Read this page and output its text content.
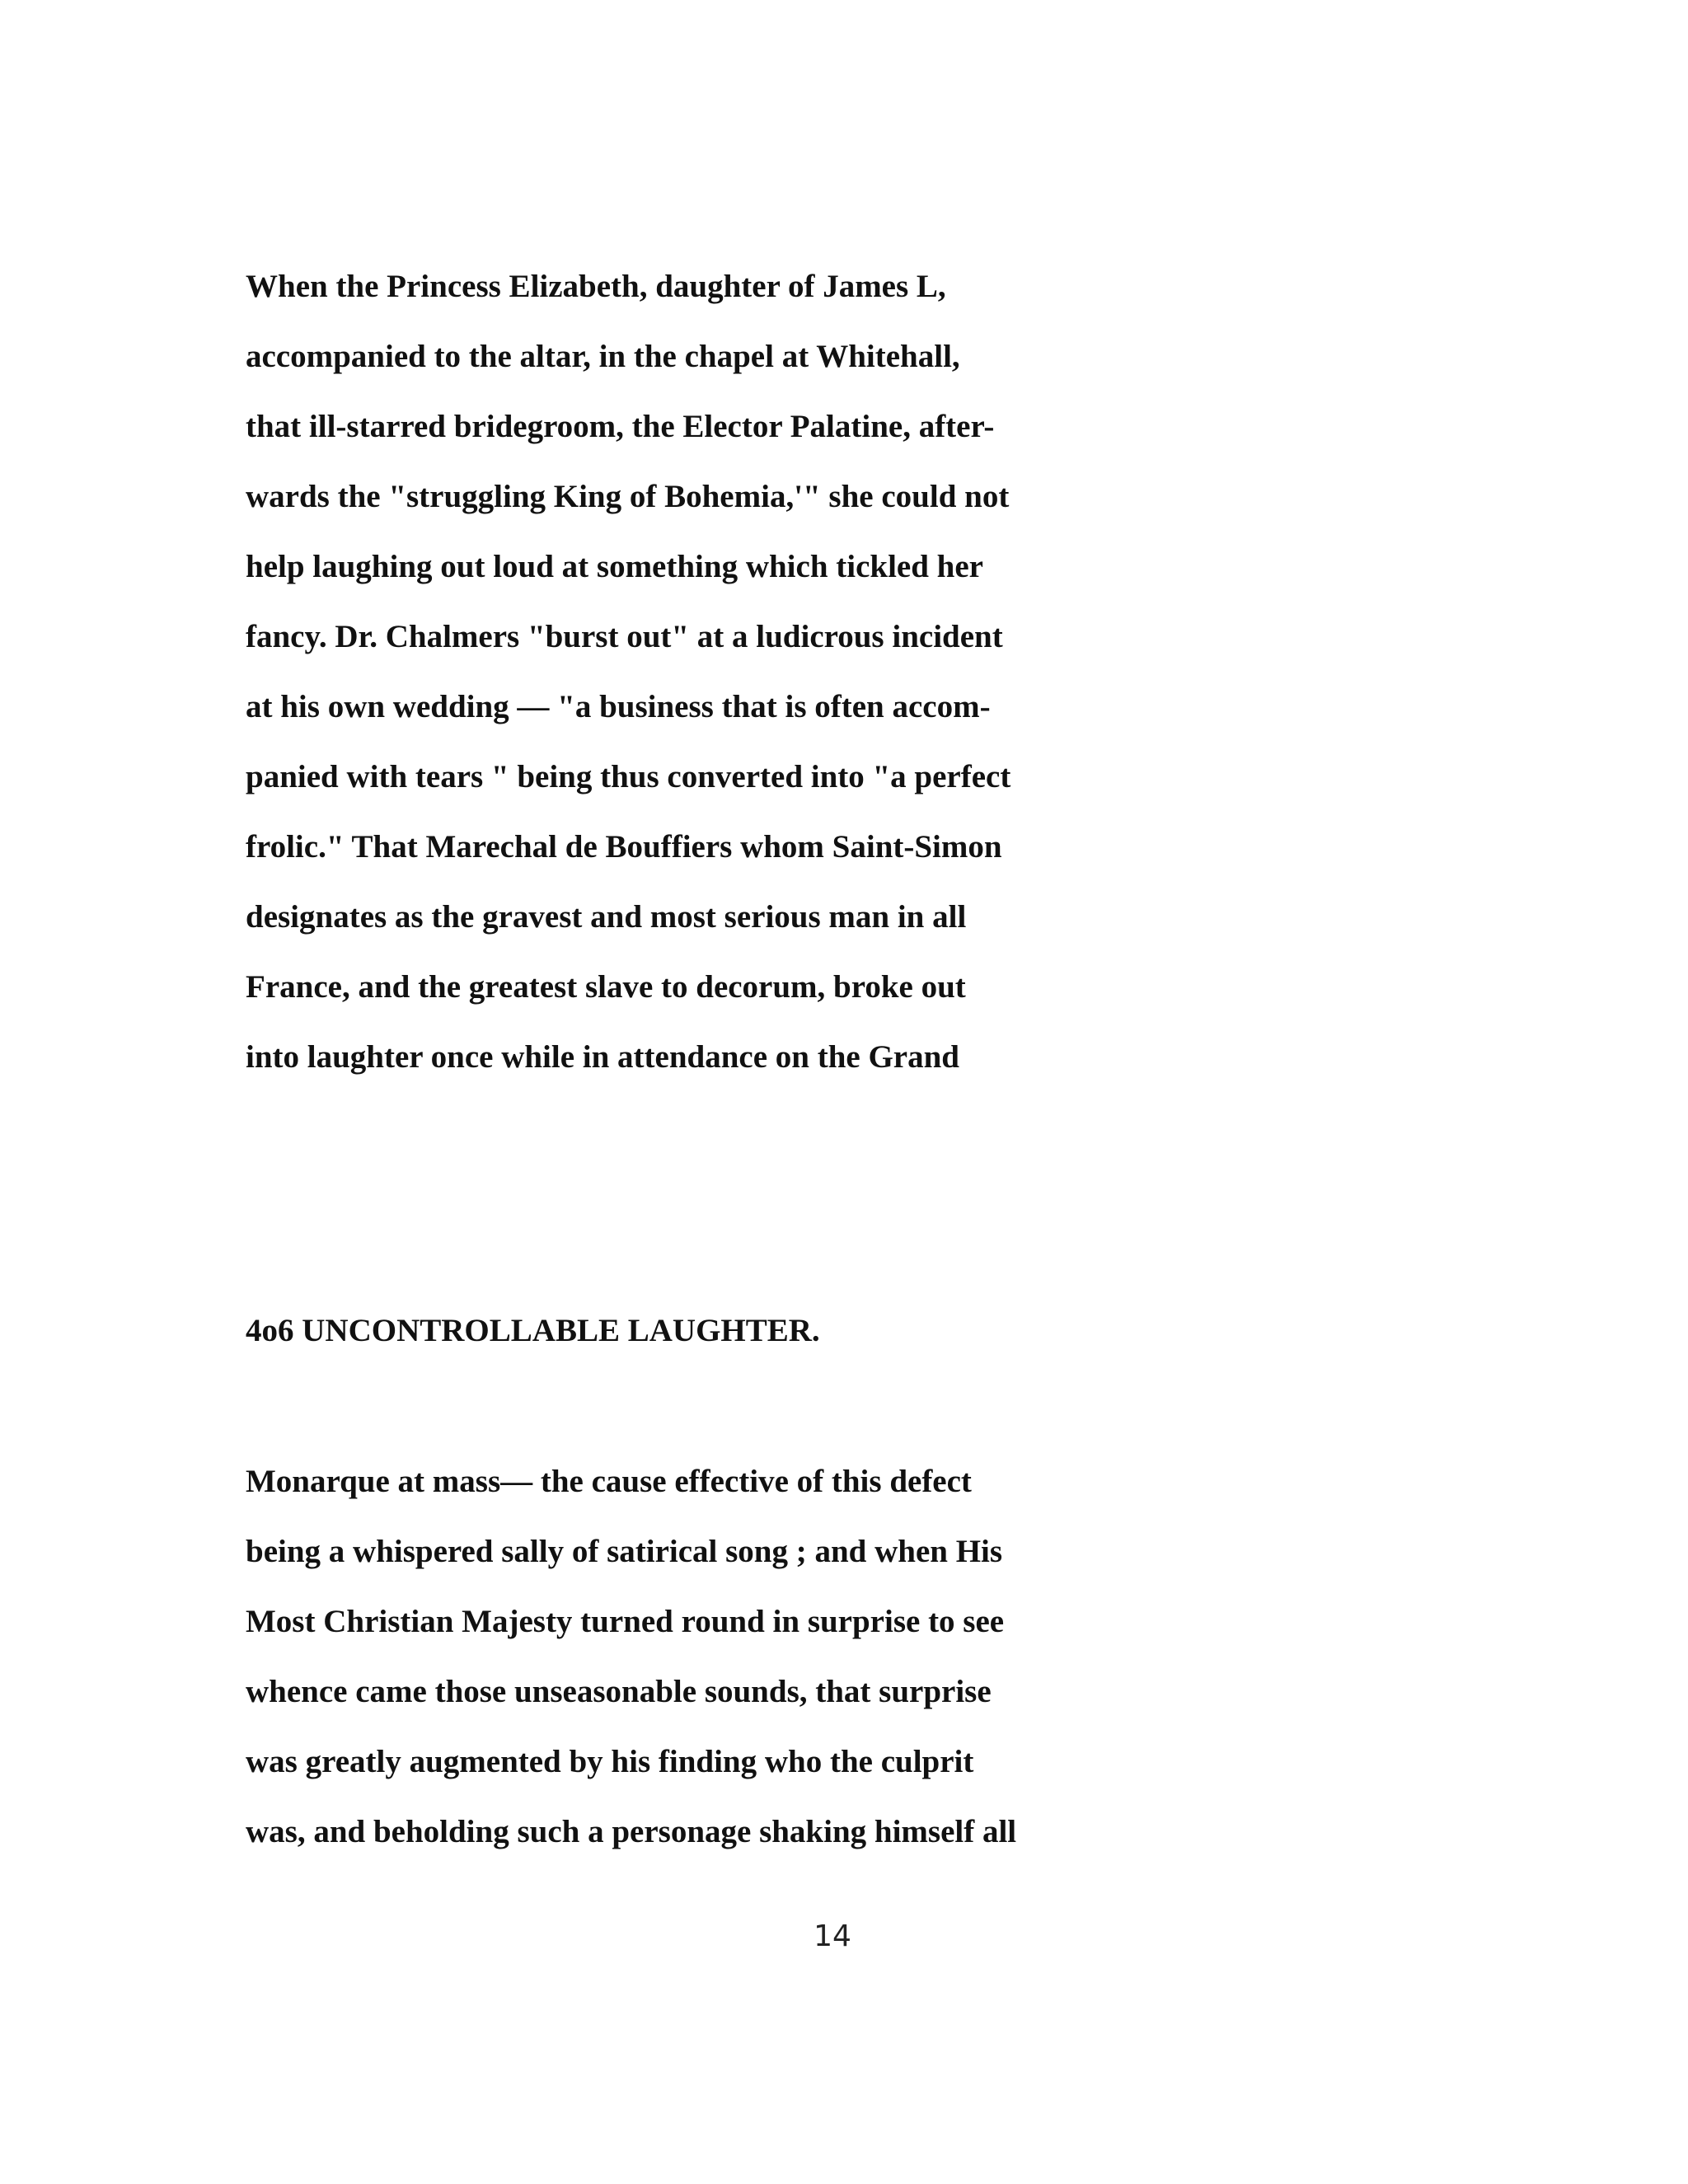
When the Princess Elizabeth, daughter of James L,
accompanied to the altar, in the chapel at Whitehall,
that ill-starred bridegroom, the Elector Palatine, after-
wards the "struggling King of Bohemia,'" she could not
help laughing out loud at something which tickled her
fancy. Dr. Chalmers "burst out" at a ludicrous incident
at his own wedding — "a business that is often accom-
panied with tears " being thus converted into "a perfect
frolic." That Marechal de Bouffiers whom Saint-Simon
designates as the gravest and most serious man in all
France, and the greatest slave to decorum, broke out
into laughter once while in attendance on the Grand
4o6 UNCONTROLLABLE LAUGHTER.
Monarque at mass— the cause effective of this defect
being a whispered sally of satirical song ; and when His
Most Christian Majesty turned round in surprise to see
whence came those unseasonable sounds, that surprise
was greatly augmented by his finding who the culprit
was, and beholding such a personage shaking himself all
14
